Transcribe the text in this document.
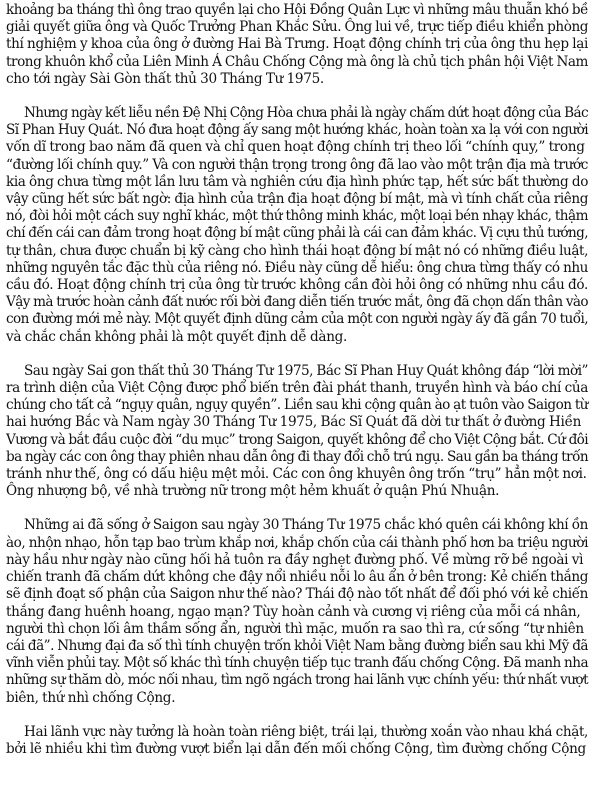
khoảng ba tháng thì ông trao quyền lại cho Hội Đồng Quân Lực vì những mâu thuẫn khó bề
giải quyết giữa ông và Quốc Trưởng Phan Khắc Sửu. Ông lui về, trực tiếp điều khiển phòng
thí nghiệm y khoa của ông ở đường Hai Bà Trưng. Hoạt động chính trị của ông thu hẹp lại
trong khuôn khổ của Liên Minh Á Châu Chống Cộng mà ông là chủ tịch phân hội Việt Nam
cho tới ngày Sài Gòn thất thủ 30 Tháng Tư 1975.
Nhưng ngày kết liễu nền Đệ Nhị Cộng Hòa chưa phải là ngày chấm dứt hoạt động của Bác
Sĩ Phan Huy Quát. Nó đưa hoạt động ấy sang một hướng khác, hoàn toàn xa lạ với con người
vốn dĩ trong bao năm đã quen và chỉ quen hoạt động chính trị theo lối “chính quy,” trong
“đường lối chính quy.” Và con người thận trọng trong ông đã lao vào một trận địa mà trước
kia ông chưa từng một lần lưu tâm và nghiên cứu địa hình phức tạp, hết sức bất thường do
vậy cũng hết sức bất ngờ: địa hình của trận địa hoạt động bí mật, mà vì tính chất của riêng
nó, đòi hỏi một cách suy nghĩ khác, một thứ thông minh khác, một loại bén nhạy khác, thậm
chí đến cái can đảm trong hoạt động bí mật cũng phải là cái can đảm khác. Vị cựu thủ tướng,
tự thân, chưa được chuẩn bị kỹ càng cho hình thái hoạt động bí mật nó có những điều luật,
những nguyên tắc đặc thù của riêng nó. Điều này cũng dễ hiểu: ông chưa từng thấy có nhu
cầu đó. Hoạt động chính trị của ông từ trước không cần đòi hỏi ông có những nhu cầu đó.
Vậy mà trước hoàn cảnh đất nước rối bời đang diễn tiến trước mắt, ông đã chọn dấn thân vào
con đường mới mẻ này. Một quyết định dũng cảm của một con người ngày ấy đã gần 70 tuổi,
và chắc chắn không phải là một quyết định dễ dàng.
Sau ngày Sai gon thất thủ 30 Tháng Tư 1975, Bác Sĩ Phan Huy Quát không đáp “lời mời”
ra trình diện của Việt Cộng được phổ biến trên đài phát thanh, truyền hình và báo chí của
chúng cho tất cả “ngụy quân, ngụy quyền”. Liền sau khi cộng quân ào ạt tuôn vào Saigon từ
hai hướng Bắc và Nam ngày 30 Tháng Tư 1975, Bác Sĩ Quát đã dời tư thất ở đường Hiền
Vương và bắt đầu cuộc đời “du mục” trong Saigon, quyết không để cho Việt Cộng bắt. Cứ đôi
ba ngày các con ông thay phiên nhau dẫn ông đi thay đổi chỗ trú ngụ. Sau gần ba tháng trốn
tránh như thế, ông có dấu hiệu mệt mỏi. Các con ông khuyên ông trốn “trụ” hẳn một nơi.
Ông nhượng bộ, về nhà trường nữ trong một hẻm khuất ở quận Phú Nhuận.
Những ai đã sống ở Saigon sau ngày 30 Tháng Tư 1975 chắc khó quên cái không khí ồn
ào, nhộn nhạo, hỗn tạp bao trùm khắp nơi, khắp chốn của cái thành phố hơn ba triệu người
này hầu như ngày nào cũng hối hả tuôn ra đầy nghẹt đường phố. Về mừng rỡ bề ngoài vì
chiến tranh đã chấm dứt không che đậy nổi nhiều nỗi lo âu ẩn ở bên trong: Kẻ chiến thắng
sẽ định đoạt số phận của Saigon như thế nào? Thái độ nào tốt nhất để đối phó với kẻ chiến
thắng đang huênh hoang, ngạo mạn? Tùy hoàn cảnh và cương vị riêng của mỗi cá nhân,
người thì chọn lối âm thầm sống ẩn, người thì mặc, muốn ra sao thì ra, cứ sống “tự nhiên
cái đã”. Nhưng đại đa số thì tính chuyện trốn khỏi Việt Nam bằng đường biển sau khi Mỹ đã
vĩnh viễn phủi tay. Một số khác thì tính chuyện tiếp tục tranh đấu chống Cộng. Đã manh nha
những sự thăm dò, móc nối nhau, tìm ngõ ngách trong hai lãnh vực chính yếu: thứ nhất vượt
biên, thứ nhì chống Cộng.
Hai lãnh vực này tưởng là hoàn toàn riêng biệt, trái lại, thường xoắn vào nhau khá chặt,
bởi lẽ nhiều khi tìm đường vượt biển lại dẫn đến mối chống Cộng, tìm đường chống Cộng
